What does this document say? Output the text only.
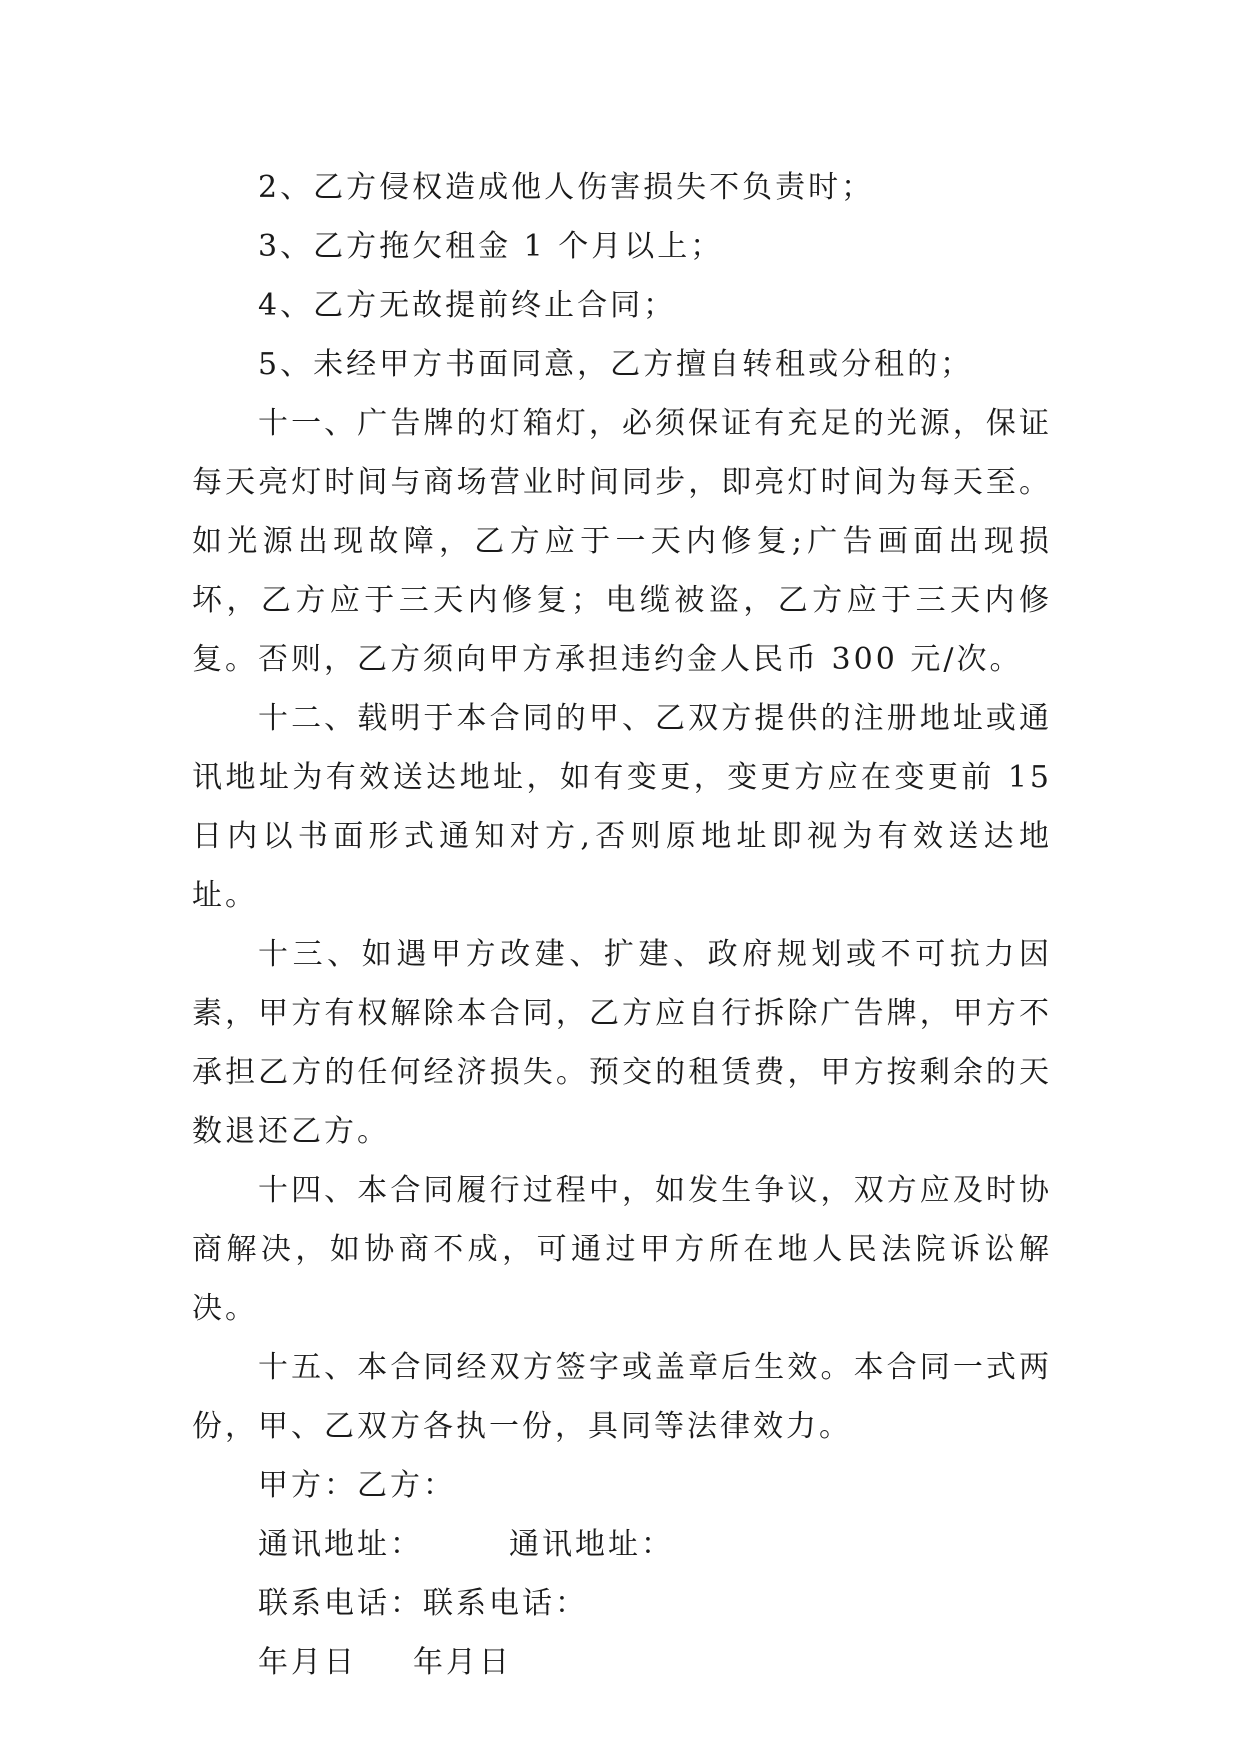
2、乙方侵权造成他人伤害损失不负责时；

3、乙方拖欠租金 1 个月以上；

4、乙方无故提前终止合同；

5、未经甲方书面同意，乙方擅自转租或分租的；

十一、广告牌的灯箱灯，必须保证有充足的光源，保证每天亮灯时间与商场营业时间同步，即亮灯时间为每天至。如光源出现故障，乙方应于一天内修复;广告画面出现损坏，乙方应于三天内修复；电缆被盗，乙方应于三天内修复。否则，乙方须向甲方承担违约金人民币 300 元/次。

十二、载明于本合同的甲、乙双方提供的注册地址或通讯地址为有效送达地址，如有变更，变更方应在变更前 15 日内以书面形式通知对方,否则原地址即视为有效送达地址。

十三、如遇甲方改建、扩建、政府规划或不可抗力因素，甲方有权解除本合同，乙方应自行拆除广告牌，甲方不承担乙方的任何经济损失。预交的租赁费，甲方按剩余的天数退还乙方。

十四、本合同履行过程中，如发生争议，双方应及时协商解决，如协商不成，可通过甲方所在地人民法院诉讼解决。

十五、本合同经双方签字或盖章后生效。本合同一式两份，甲、乙双方各执一份，具同等法律效力。

甲方：乙方：
通讯地址：	通讯地址：
联系电话：联系电话：
年月日 年月日
